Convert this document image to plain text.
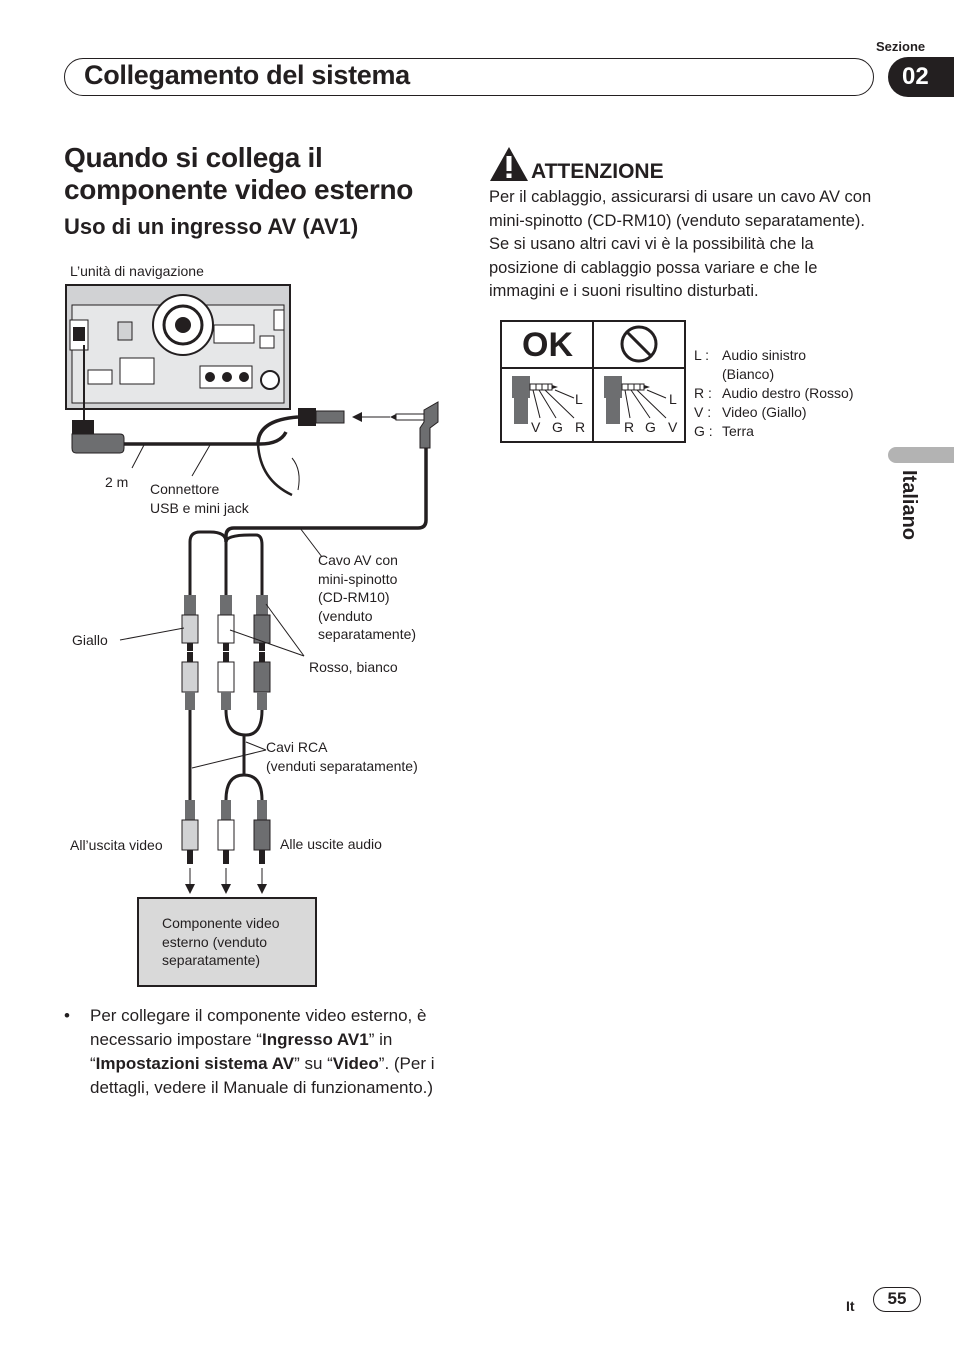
Sezione
Collegamento del sistema	02
Quando si collega il componente video esterno
Uso di un ingresso AV (AV1)
ATTENZIONE
Per il cablaggio, assicurarsi di usare un cavo AV con mini-spinotto (CD-RM10) (venduto separatamente). Se si usano altri cavi vi è la possibilità che la posizione di cablaggio possa variare e che le immagini e i suoni risultino disturbati.
OK
L
V G R
L
R G V
L : Audio sinistro
(Bianco)
R : Audio destro (Rosso)
V : Video (Giallo)
G : Terra
Italiano
L’unità di navigazione
2 m Connettore
USB e mini jack
Cavo AV con
mini-spinotto
(CD-RM10)
(venduto
separatamente)
Giallo
Rosso, bianco
Cavi RCA
(venduti separatamente)
All’uscita video	Alle uscite audio
Componente video
esterno (venduto
separatamente)
• Per collegare il componente video esterno, è necessario impostare “Ingresso AV1” in “Impostazioni sistema AV” su “Video”. (Per i dettagli, vedere il Manuale di funzionamento.)
It	55
